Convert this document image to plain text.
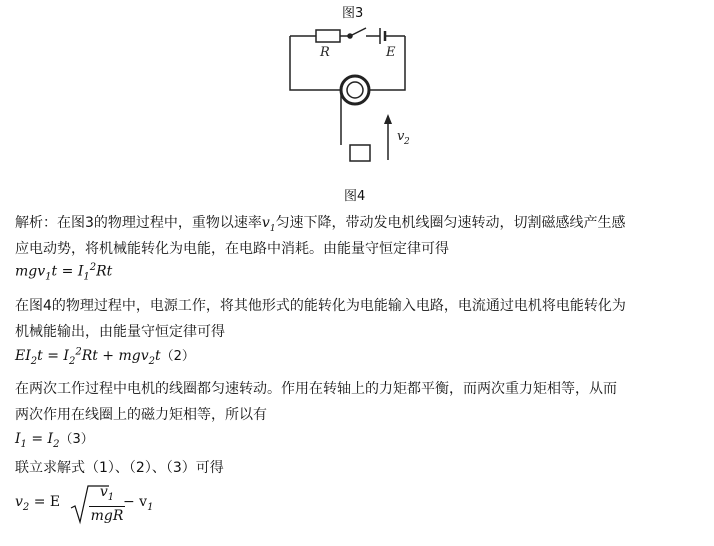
图3
R	E
v 2
图4
解析：在图3的物理过程中，重物以速率$v_1$匀速下降，带动发电机线圈匀速转动，切割磁感线产生感
应电动势，将机械能转化为电能，在电路中消耗。由能量守恒定律可得
$mgv_1t = I_1^2Rt$
在图4的物理过程中，电源工作，将其他形式的能转化为电能输入电路，电流通过电机将电能转化为
机械能输出，由能量守恒定律可得
$EI_2t = I_2^2Rt + mgv_2t(2)$
在两次工作过程中电机的线圈都匀速转动。作用在转轴上的力矩都平衡，而两次重力矩相等，从而
两次作用在线圈上的磁力矩相等，所以有
$I_1 = I_2(3)$
联立求解式（1）、（2）、（3）可得
$v_2 = E$
$v_1$
mgR
− $v_1$
